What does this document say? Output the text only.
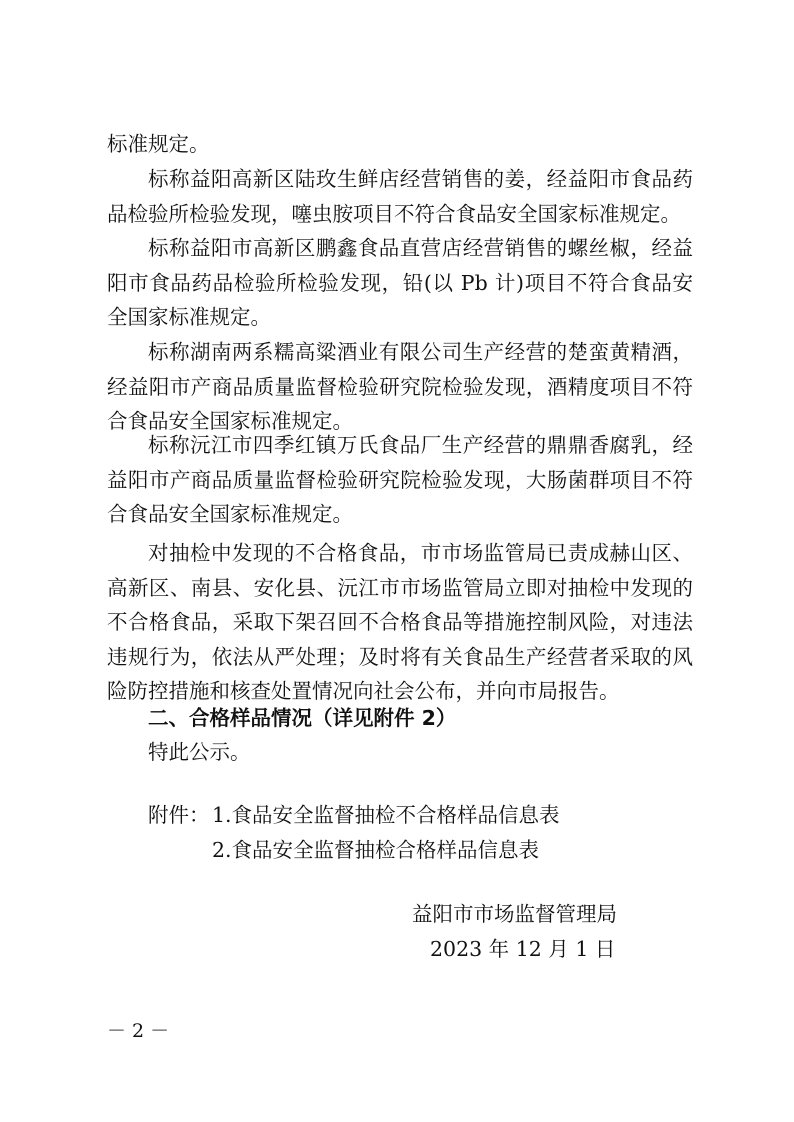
标准规定。

标称益阳高新区陆玫生鲜店经营销售的姜，经益阳市食品药品检验所检验发现，噻虫胺项目不符合食品安全国家标准规定。

标称益阳市高新区鹏鑫食品直营店经营销售的螺丝椒，经益阳市食品药品检验所检验发现，铅(以 Pb 计)项目不符合食品安全国家标准规定。

标称湖南两系糯高粱酒业有限公司生产经营的楚蛮黄精酒，经益阳市产商品质量监督检验研究院检验发现，酒精度项目不符合食品安全国家标准规定。

标称沅江市四季红镇万氏食品厂生产经营的鼎鼎香腐乳，经益阳市产商品质量监督检验研究院检验发现，大肠菌群项目不符合食品安全国家标准规定。

对抽检中发现的不合格食品，市市场监管局已责成赫山区、高新区、南县、安化县、沅江市市场监管局立即对抽检中发现的不合格食品，采取下架召回不合格食品等措施控制风险，对违法违规行为，依法从严处理；及时将有关食品生产经营者采取的风险防控措施和核查处置情况向社会公布，并向市局报告。

二、合格样品情况（详见附件 2）

特此公示。

附件： 1.食品安全监督抽检不合格样品信息表

2.食品安全监督抽检合格样品信息表

益阳市市场监督管理局

2023 年 12 月 1 日

－ 2 －
